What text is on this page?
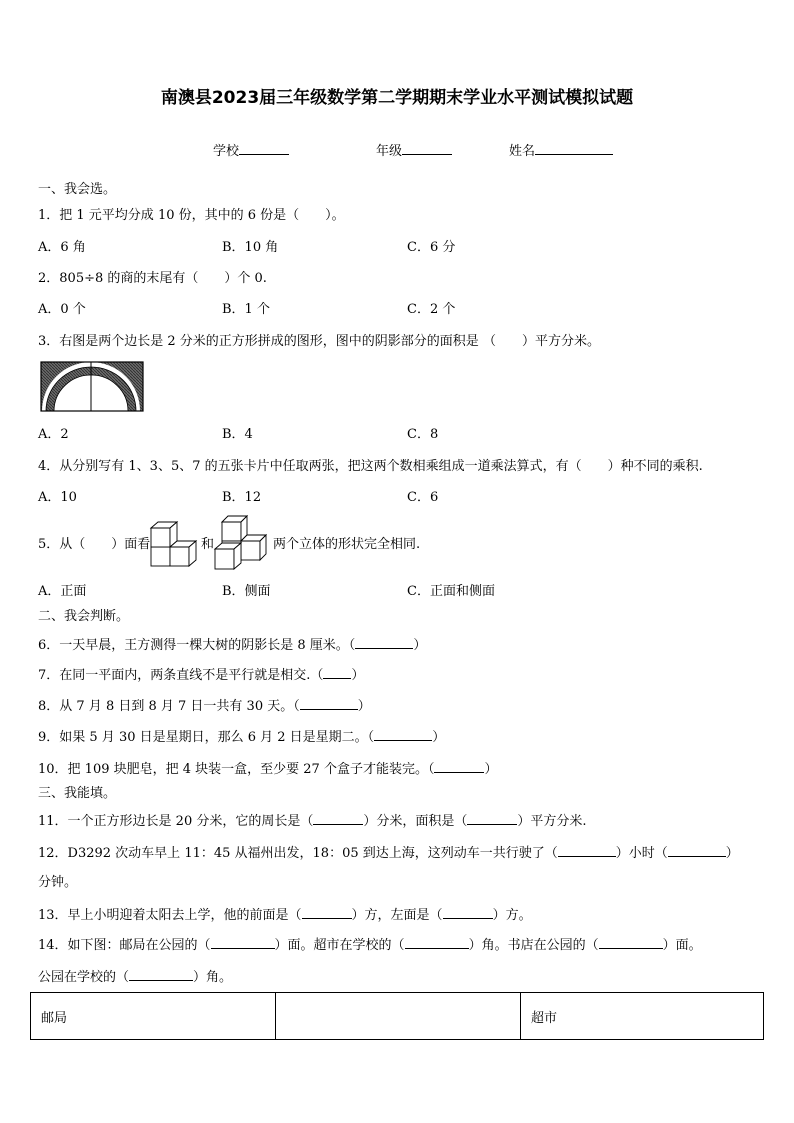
南澳县2023届三年级数学第二学期期末学业水平测试模拟试题
学校	年级	姓名
一、我会选。
1．把 1 元平均分成 10 份，其中的 6 份是（　　）。
A．6 角	B．10 角	C．6 分
2．805÷8 的商的末尾有（　　）个 0.
A．0 个	B．1 个	C．2 个
3．右图是两个边长是 2 分米的正方形拼成的图形，图中的阴影部分的面积是 （　　）平方分米。
A．2	B．4	C．8
4．从分别写有 1、3、5、7 的五张卡片中任取两张，把这两个数相乘组成一道乘法算式，有（　　）种不同的乘积.
A．10	B．12	C．6
5．从（　　）面看	和	两个立体的形状完全相同.
A．正面	B．侧面	C．正面和侧面
二、我会判断。
6．一天早晨，王方测得一棵大树的阴影长是 8 厘米。（	）
7．在同一平面内，两条直线不是平行就是相交.（ ）
8．从 7 月 8 日到 8 月 7 日一共有 30 天。（	）
9．如果 5 月 30 日是星期日，那么 6 月 2 日是星期二。（	）
10．把 109 块肥皂，把 4 块装一盒，至少要 27 个盒子才能装完。（	）
三、我能填。
11．一个正方形边长是 20 分米，它的周长是（	）分米，面积是（	）平方分米.
12．D3292 次动车早上 11：45 从福州出发，18：05 到达上海，这列动车一共行驶了（	）小时（	）
分钟。
13．早上小明迎着太阳去上学，他的前面是（	）方，左面是（	）方。
14．如下图：邮局在公园的（	）面。超市在学校的（	）角。书店在公园的（	）面。
公园在学校的（	）角。
邮局		超市
